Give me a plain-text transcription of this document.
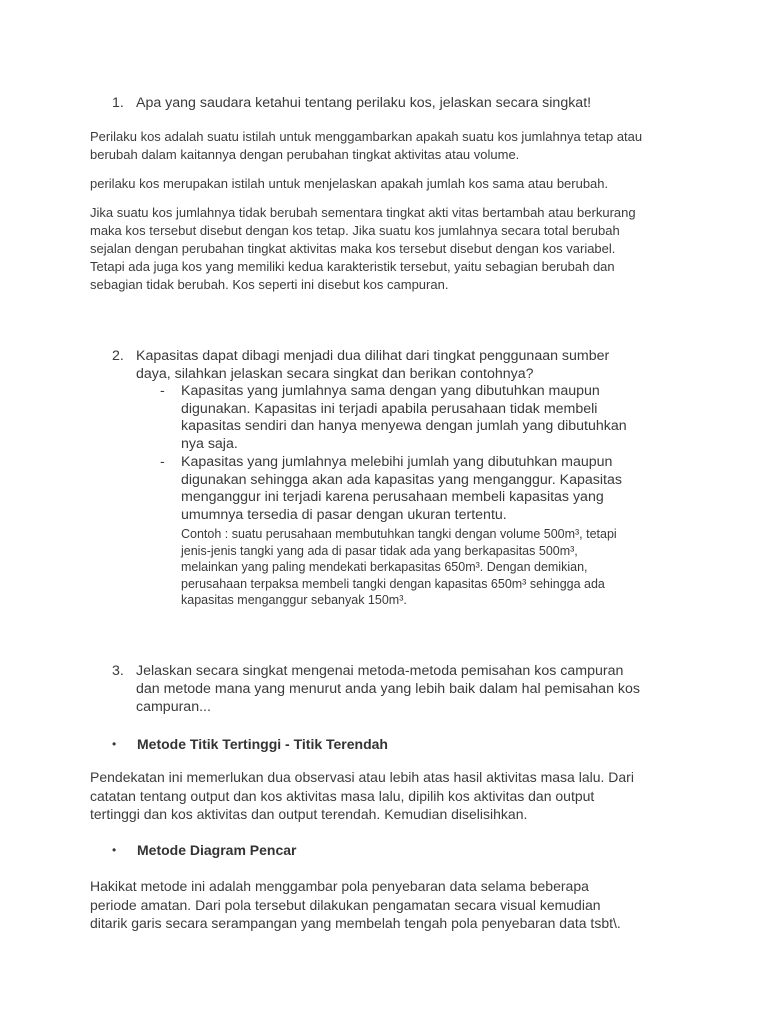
1. Apa yang saudara ketahui tentang perilaku kos, jelaskan secara singkat!
Perilaku kos adalah suatu istilah untuk menggambarkan apakah suatu kos jumlahnya tetap atau
berubah dalam kaitannya dengan perubahan tingkat aktivitas atau volume.
perilaku kos merupakan istilah untuk menjelaskan apakah jumlah kos sama atau berubah.
Jika suatu kos jumlahnya tidak berubah sementara tingkat akti vitas bertambah atau berkurang
maka kos tersebut disebut dengan kos tetap. Jika suatu kos jumlahnya secara total berubah
sejalan dengan perubahan tingkat aktivitas maka kos tersebut disebut dengan kos variabel.
Tetapi ada juga kos yang memiliki kedua karakteristik tersebut, yaitu sebagian berubah dan
sebagian tidak berubah. Kos seperti ini disebut kos campuran.
2. Kapasitas dapat dibagi menjadi dua dilihat dari tingkat penggunaan sumber
daya, silahkan jelaskan secara singkat dan berikan contohnya?
- Kapasitas yang jumlahnya sama dengan yang dibutuhkan maupun
digunakan. Kapasitas ini terjadi apabila perusahaan tidak membeli
kapasitas sendiri dan hanya menyewa dengan jumlah yang dibutuhkan
nya saja.
- Kapasitas yang jumlahnya melebihi jumlah yang dibutuhkan maupun
digunakan sehingga akan ada kapasitas yang menganggur. Kapasitas
menganggur ini terjadi karena perusahaan membeli kapasitas yang
umumnya tersedia di pasar dengan ukuran tertentu.
Contoh : suatu perusahaan membutuhkan tangki dengan volume 500m³, tetapi
jenis-jenis tangki yang ada di pasar tidak ada yang berkapasitas 500m³,
melainkan yang paling mendekati berkapasitas 650m³. Dengan demikian,
perusahaan terpaksa membeli tangki dengan kapasitas 650m³ sehingga ada
kapasitas menganggur sebanyak 150m³.
3. Jelaskan secara singkat mengenai metoda-metoda pemisahan kos campuran
dan metode mana yang menurut anda yang lebih baik dalam hal pemisahan kos
campuran...
• Metode Titik Tertinggi - Titik Terendah
Pendekatan ini memerlukan dua observasi atau lebih atas hasil aktivitas masa lalu. Dari
catatan tentang output dan kos aktivitas masa lalu, dipilih kos aktivitas dan output
tertinggi dan kos aktivitas dan output terendah. Kemudian diselisihkan.
• Metode Diagram Pencar
Hakikat metode ini adalah menggambar pola penyebaran data selama beberapa
periode amatan. Dari pola tersebut dilakukan pengamatan secara visual kemudian
ditarik garis secara serampangan yang membelah tengah pola penyebaran data tsbt\.
